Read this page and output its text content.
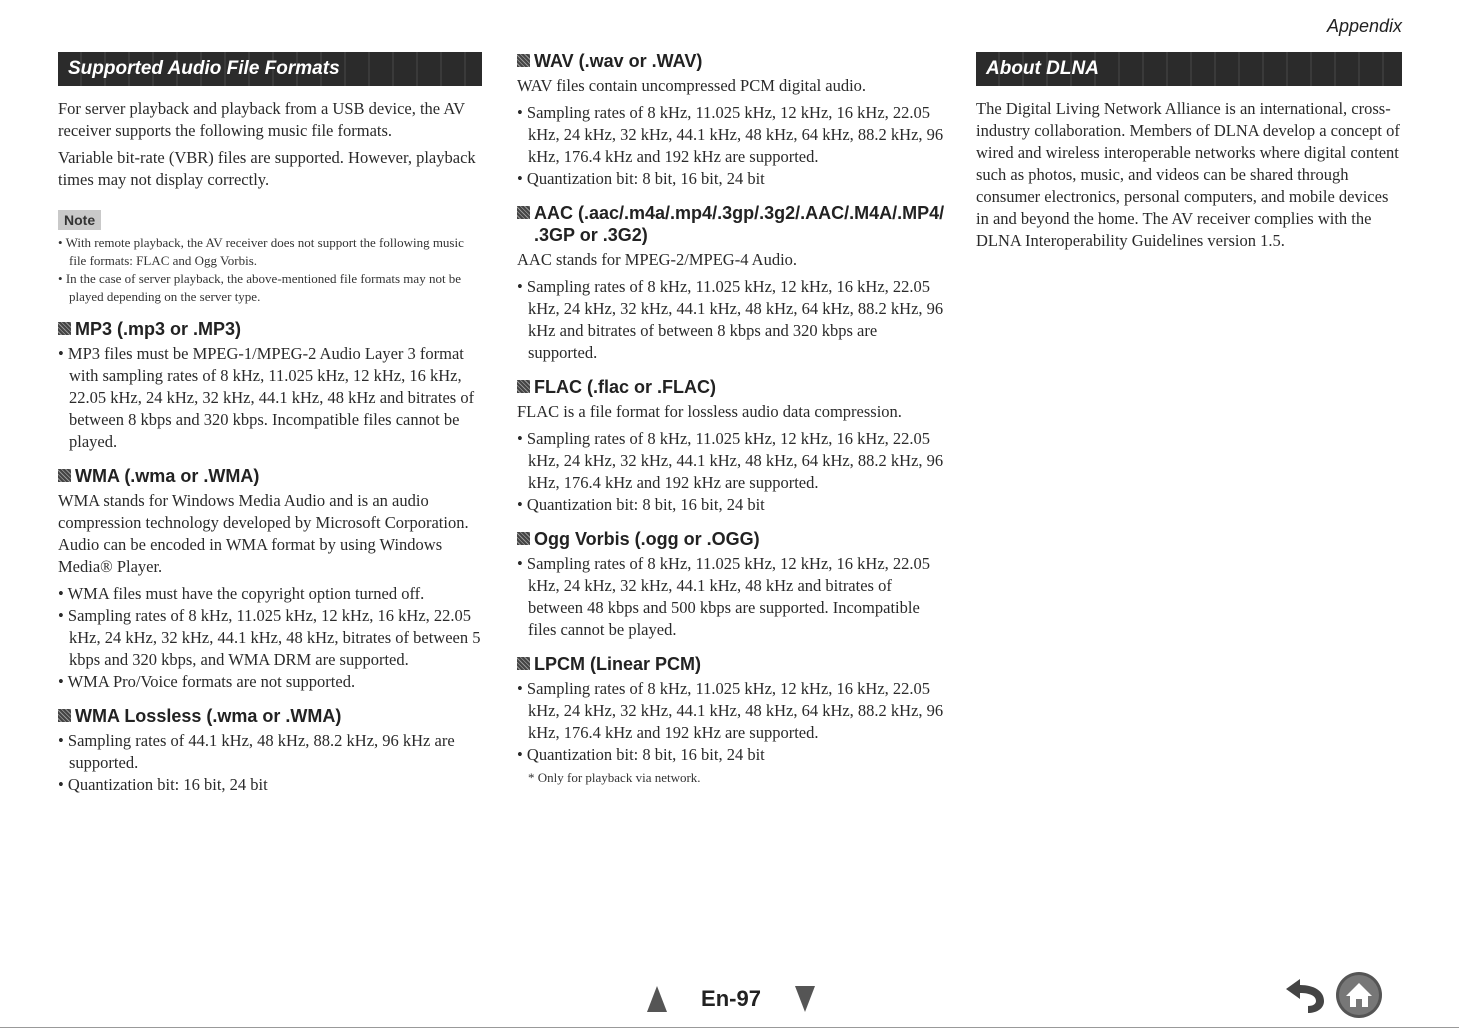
Appendix
Supported Audio File Formats

For server playback and playback from a USB device, the AV receiver supports the following music file formats.

Variable bit-rate (VBR) files are supported. However, playback times may not display correctly.

Note
• With remote playback, the AV receiver does not support the following music file formats: FLAC and Ogg Vorbis.
• In the case of server playback, the above-mentioned file formats may not be played depending on the server type.
MP3 (.mp3 or .MP3)
• MP3 files must be MPEG-1/MPEG-2 Audio Layer 3 format with sampling rates of 8 kHz, 11.025 kHz, 12 kHz, 16 kHz, 22.05 kHz, 24 kHz, 32 kHz, 44.1 kHz, 48 kHz and bitrates of between 8 kbps and 320 kbps. Incompatible files cannot be played.
WMA (.wma or .WMA)

WMA stands for Windows Media Audio and is an audio compression technology developed by Microsoft Corporation. Audio can be encoded in WMA format by using Windows Media® Player.

• WMA files must have the copyright option turned off.
• Sampling rates of 8 kHz, 11.025 kHz, 12 kHz, 16 kHz, 22.05 kHz, 24 kHz, 32 kHz, 44.1 kHz, 48 kHz, bitrates of between 5 kbps and 320 kbps, and WMA DRM are supported.
• WMA Pro/Voice formats are not supported.
WMA Lossless (.wma or .WMA)
• Sampling rates of 44.1 kHz, 48 kHz, 88.2 kHz, 96 kHz are supported.
• Quantization bit: 16 bit, 24 bit
WAV (.wav or .WAV)

WAV files contain uncompressed PCM digital audio.

• Sampling rates of 8 kHz, 11.025 kHz, 12 kHz, 16 kHz, 22.05 kHz, 24 kHz, 32 kHz, 44.1 kHz, 48 kHz, 64 kHz, 88.2 kHz, 96 kHz, 176.4 kHz and 192 kHz are supported.
• Quantization bit: 8 bit, 16 bit, 24 bit
AAC (.aac/.m4a/.mp4/.3gp/.3g2/.AAC/.M4A/.MP4/ .3GP or .3G2)

AAC stands for MPEG-2/MPEG-4 Audio.

• Sampling rates of 8 kHz, 11.025 kHz, 12 kHz, 16 kHz, 22.05 kHz, 24 kHz, 32 kHz, 44.1 kHz, 48 kHz, 64 kHz, 88.2 kHz, 96 kHz and bitrates of between 8 kbps and 320 kbps are supported.
FLAC (.flac or .FLAC)

FLAC is a file format for lossless audio data compression.

• Sampling rates of 8 kHz, 11.025 kHz, 12 kHz, 16 kHz, 22.05 kHz, 24 kHz, 32 kHz, 44.1 kHz, 48 kHz, 64 kHz, 88.2 kHz, 96 kHz, 176.4 kHz and 192 kHz are supported.
• Quantization bit: 8 bit, 16 bit, 24 bit
Ogg Vorbis (.ogg or .OGG)
• Sampling rates of 8 kHz, 11.025 kHz, 12 kHz, 16 kHz, 22.05 kHz, 24 kHz, 32 kHz, 44.1 kHz, 48 kHz and bitrates of between 48 kbps and 500 kbps are supported. Incompatible files cannot be played.
LPCM (Linear PCM)
• Sampling rates of 8 kHz, 11.025 kHz, 12 kHz, 16 kHz, 22.05 kHz, 24 kHz, 32 kHz, 44.1 kHz, 48 kHz, 64 kHz, 88.2 kHz, 96 kHz, 176.4 kHz and 192 kHz are supported.
• Quantization bit: 8 bit, 16 bit, 24 bit
* Only for playback via network.
About DLNA

The Digital Living Network Alliance is an international, cross-industry collaboration. Members of DLNA develop a concept of wired and wireless interoperable networks where digital content such as photos, music, and videos can be shared through consumer electronics, personal computers, and mobile devices in and beyond the home. The AV receiver complies with the DLNA Interoperability Guidelines version 1.5.

En-97
